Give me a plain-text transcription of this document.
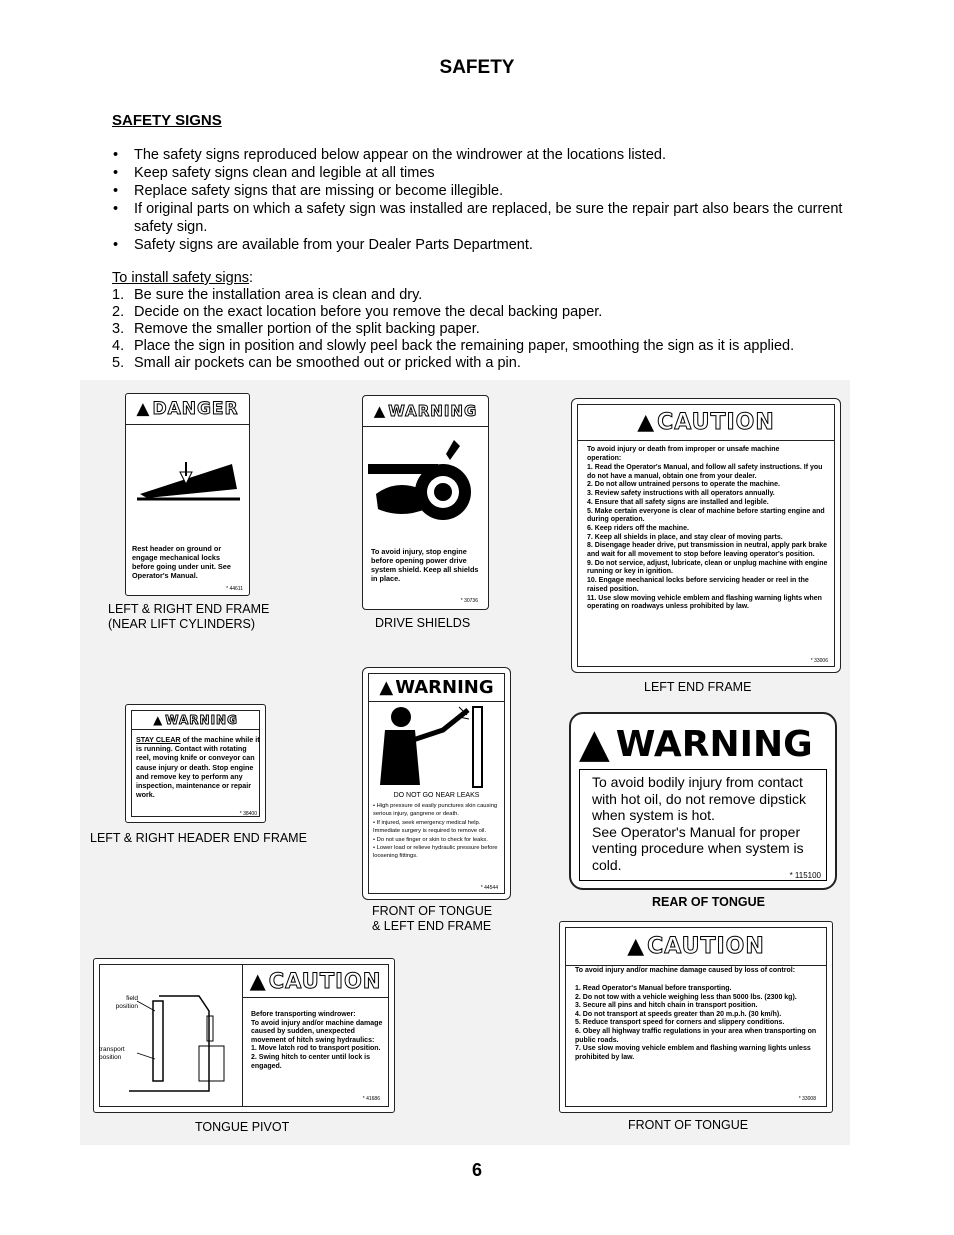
SAFETY
SAFETY SIGNS
• The safety signs reproduced below appear on the windrower at the locations listed.
• Keep safety signs clean and legible at all times
• Replace safety signs that are missing or become illegible.
• If original parts on which a safety sign was installed are replaced, be sure the repair part also bears the current safety sign.
• Safety signs are available from your Dealer Parts Department.
To install safety signs:
1. Be sure the installation area is clean and dry.
2. Decide on the exact location before you remove the decal backing paper.
3. Remove the smaller portion of the split backing paper.
4. Place the sign in position and slowly peel back the remaining paper, smoothing the sign as it is applied.
5. Small air pockets can be smoothed out or pricked with a pin.
▲ DANGER
Rest header on ground or engage mechanical locks before going under unit. See Operator's Manual.
* 44611
LEFT & RIGHT END FRAME
(NEAR LIFT CYLINDERS)
▲ WARNING
To avoid injury, stop engine before opening power drive system shield. Keep all shields in place.
* 30736
DRIVE SHIELDS
▲ CAUTION
To avoid injury or death from improper or unsafe machine operation:
1. Read the Operator's Manual, and follow all safety instructions. If you do not have a manual, obtain one from your dealer.
2. Do not allow untrained persons to operate the machine.
3. Review safety instructions with all operators annually.
4. Ensure that all safety signs are installed and legible.
5. Make certain everyone is clear of machine before starting engine and during operation.
6. Keep riders off the machine.
7. Keep all shields in place, and stay clear of moving parts.
8. Disengage header drive, put transmission in neutral, apply park brake and wait for all movement to stop before leaving operator's position.
9. Do not service, adjust, lubricate, clean or unplug machine with engine running or key in ignition.
10. Engage mechanical locks before servicing header or reel in the raised position.
11. Use slow moving vehicle emblem and flashing warning lights when operating on roadways unless prohibited by law.
* 33006
LEFT END FRAME
▲ WARNING
STAY CLEAR of the machine while it is running. Contact with rotating reel, moving knife or conveyor can cause injury or death. Stop engine and remove key to perform any inspection, maintenance or repair work.
* 38400
LEFT & RIGHT HEADER END FRAME
▲ WARNING
DO NOT GO NEAR LEAKS
• High pressure oil easily punctures skin causing serious injury, gangrene or death.
• If injured, seek emergency medical help. Immediate surgery is required to remove oil.
• Do not use finger or skin to check for leaks.
• Lower load or relieve hydraulic pressure before loosening fittings.
* 44544
FRONT OF TONGUE
& LEFT END FRAME
▲ WARNING
To avoid bodily injury from contact with hot oil, do not remove dipstick when system is hot.
See Operator's Manual for proper venting procedure when system is cold.
* 115100
REAR OF TONGUE
field position
transport position
▲ CAUTION
Before transporting windrower:
To avoid injury and/or machine damage caused by sudden, unexpected movement of hitch swing hydraulics:
1. Move latch rod to transport position.
2. Swing hitch to center until lock is engaged.
* 41686
TONGUE PIVOT
▲ CAUTION
To avoid injury and/or machine damage caused by loss of control:
1. Read Operator's Manual before transporting.
2. Do not tow with a vehicle weighing less than 5000 lbs. (2300 kg).
3. Secure all pins and hitch chain in transport position.
4. Do not transport at speeds greater than 20 m.p.h. (30 km/h).
5. Reduce transport speed for corners and slippery conditions.
6. Obey all highway traffic regulations in your area when transporting on public roads.
7. Use slow moving vehicle emblem and flashing warning lights unless prohibited by law.
* 33008
FRONT OF TONGUE
6
